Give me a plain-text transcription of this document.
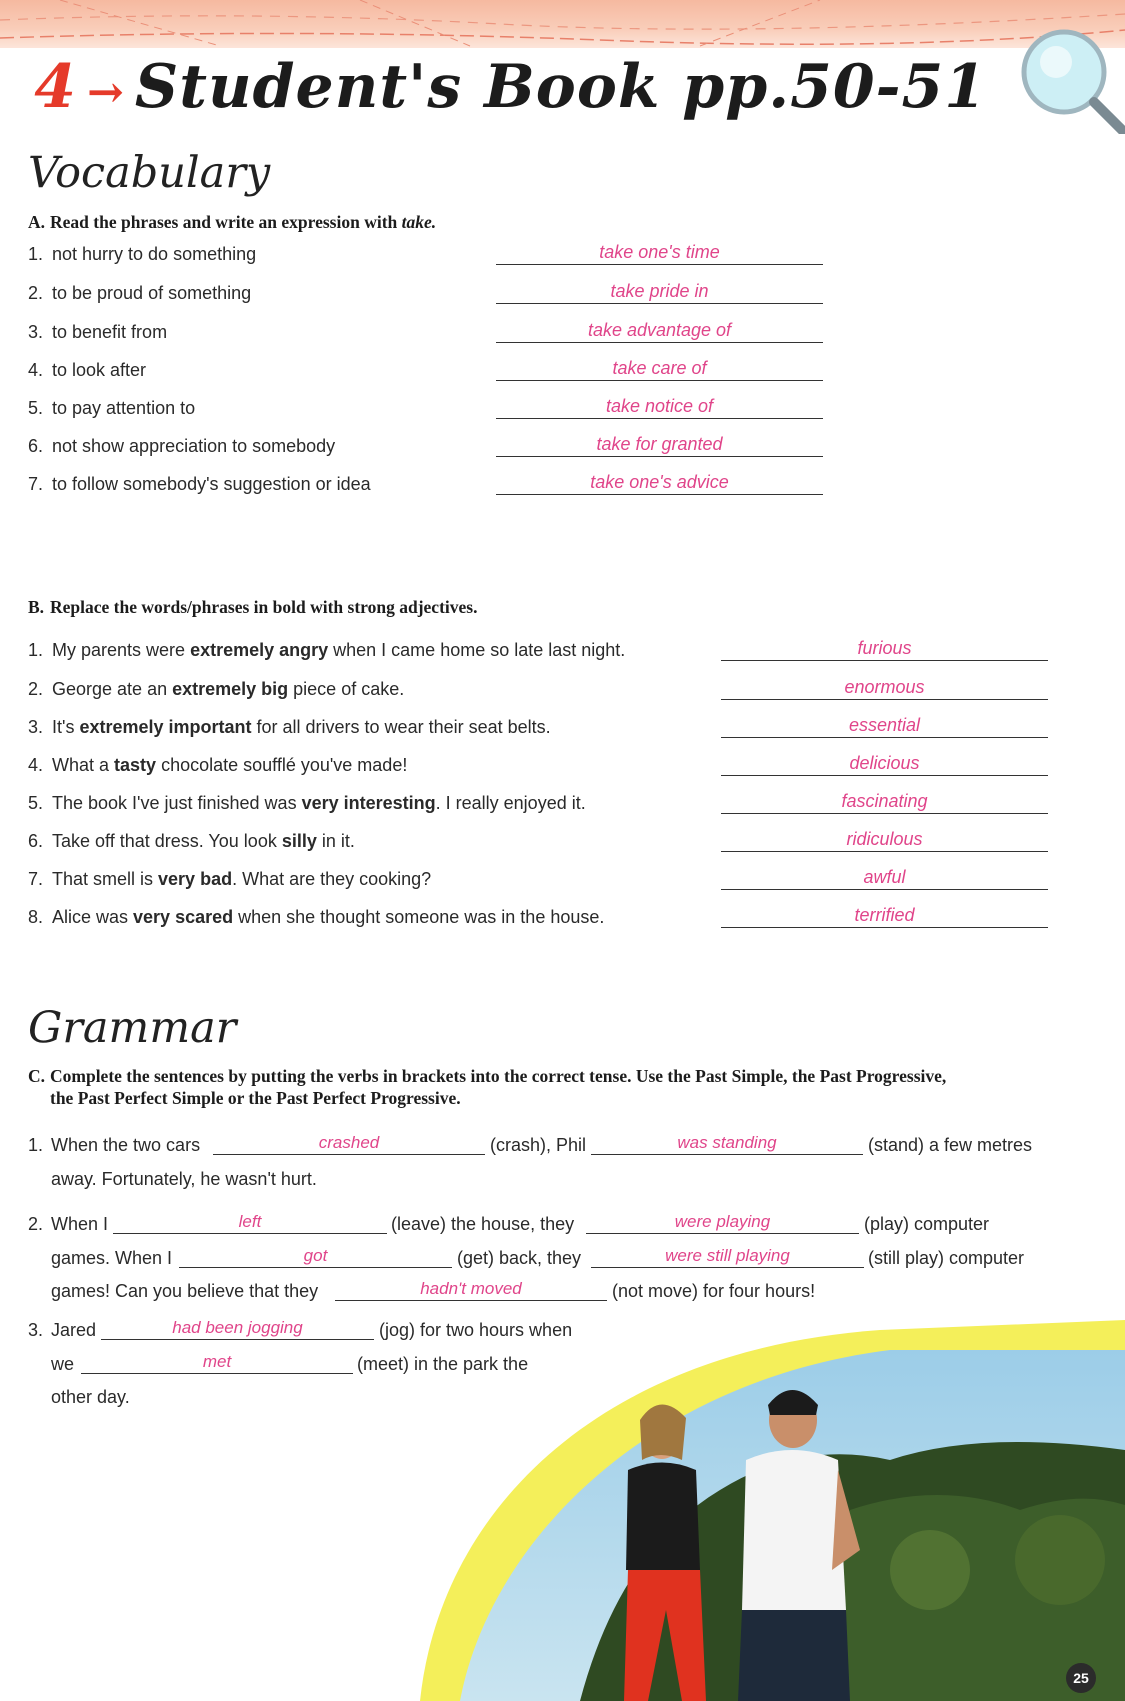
4 → Student's Book pp.50-51
Vocabulary
A. Read the phrases and write an expression with take.
1. not hurry to do something	take one's time
2. to be proud of something	take pride in
3. to benefit from	take advantage of
4. to look after	take care of
5. to pay attention to	take notice of
6. not show appreciation to somebody	take for granted
7. to follow somebody's suggestion or idea	take one's advice
B. Replace the words/phrases in bold with strong adjectives.
1. My parents were extremely angry when I came home so late last night.	furious
2. George ate an extremely big piece of cake.	enormous
3. It's extremely important for all drivers to wear their seat belts.	essential
4. What a tasty chocolate soufflé you've made!	delicious
5. The book I've just finished was very interesting. I really enjoyed it.	fascinating
6. Take off that dress. You look silly in it.	ridiculous
7. That smell is very bad. What are they cooking?	awful
8. Alice was very scared when she thought someone was in the house.	terrified
Grammar
C. Complete the sentences by putting the verbs in brackets into the correct tense. Use the Past Simple, the Past Progressive,
the Past Perfect Simple or the Past Perfect Progressive.
1. When the two cars	crashed	(crash), Phil	was standing	(stand) a few metres
away. Fortunately, he wasn't hurt.
2. When I	left	(leave) the house, they	were playing	(play) computer
games. When I	got	(get) back, they	were still playing	(still play) computer
games! Can you believe that they	hadn't moved	(not move) for four hours!
3. Jared	had been jogging	(jog) for two hours when
we	met	(meet) in the park the
other day.
25
